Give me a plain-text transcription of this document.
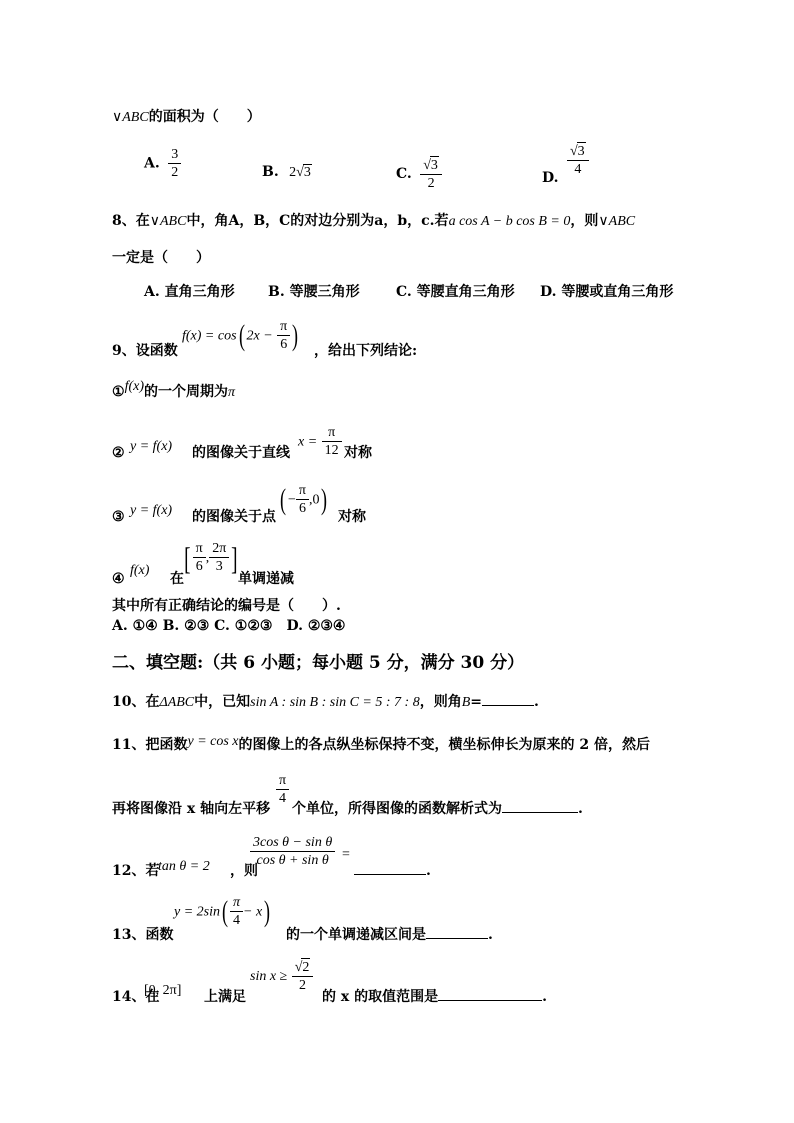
∨ABC的面积为（　　）
A. $\frac{3}{2}$	B. 2√3	C. $\frac{√3}{2}$	D. $\frac{√3}{4}$
8、在∨ABC中，角A，B，C的对边分别为a，b，c.若a cos A − b cos B = 0，则∨ABC
一定是（　　）
A. 直角三角形 B. 等腰三角形	C. 等腰直角三角形 D. 等腰或直角三角形
9、设函数
f(x) = cos( $2x - \frac{\pi}{6}$ ) ，给出下列结论:
①f(x)的一个周期为π
② y = f(x) 的图像关于直线
$x = \frac{\pi}{12}$ 对称
③ y = f(x) 的图像关于点
( − $\frac{\pi}{6} ,0$)
对称
④
f(x)
在
[ $\frac{\pi}{6}$ , $\frac{2\pi}{3}$ ]
单调递减
其中所有正确结论的编号是（　　）.
A. ①④ B. ②③ C. ①②③　D. ②③④
二、填空题:（共 6 小题；每小题 5 分，满分 30 分）
10、在ΔABC中，已知sin A : sin B : sin C = 5 : 7 : 8，则角B=	.
11、把函数y = cos x的图像上的各点纵坐标保持不变，横坐标伸长为原来的 2 倍，然后
再将图像沿 x 轴向左平移
$\frac{\pi}{4}$
个单位，所得图像的函数解析式为	.
12、若
tan θ = 2 ，则
$\frac{\text{3cos θ − sin θ}}{\text{cos θ + sin θ}}$ =
.
13、函数
$y = 2\sin( \frac{\pi}{4} - x)$
的一个单调递减区间是	.
14、在
[0, 2π] 上满足
$\sin x \ge \frac{√2}{2}$
的 x 的取值范围是	.
